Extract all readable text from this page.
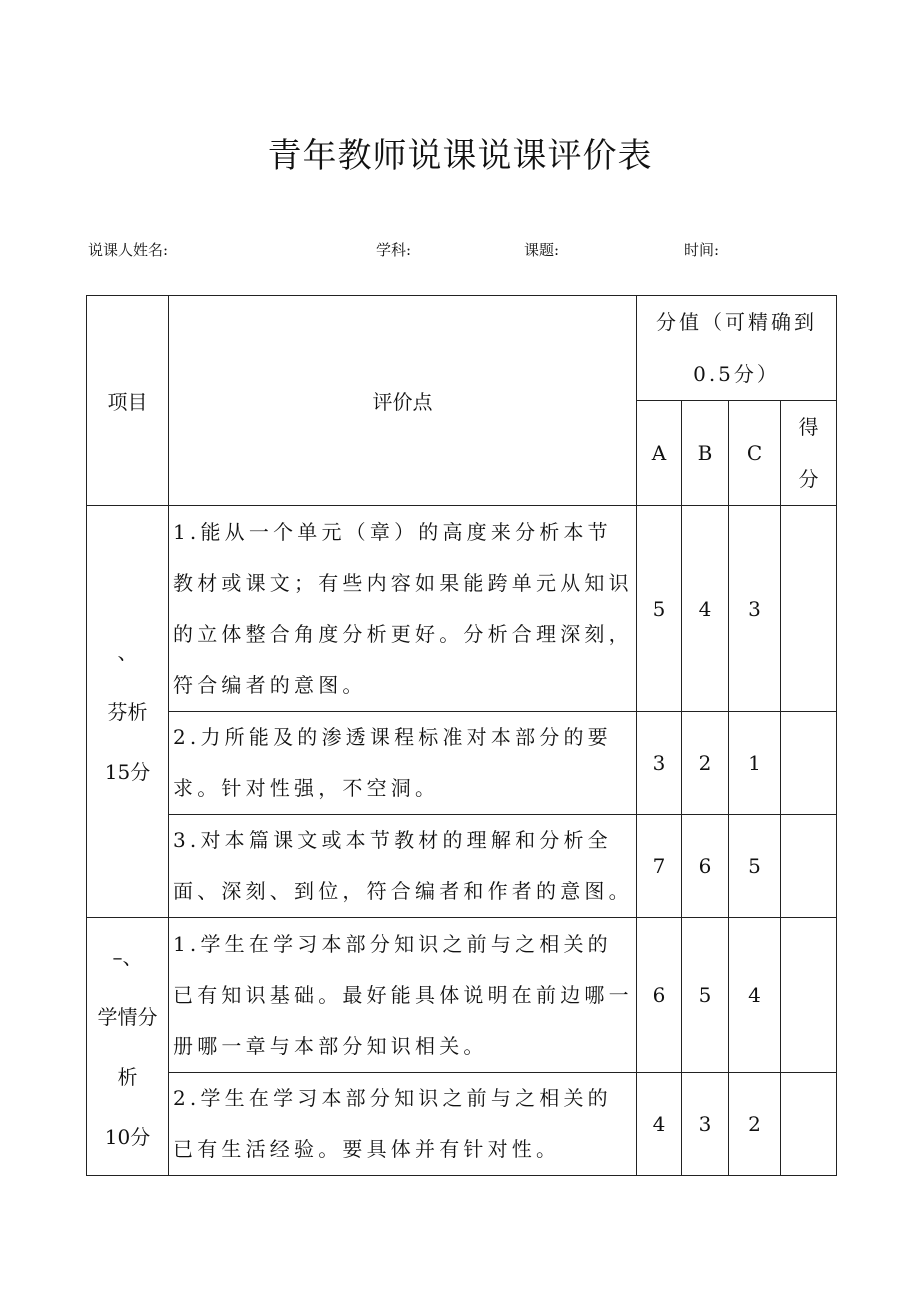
青年教师说课说课评价表
说课人姓名:	学科:	课题:	时间:
项目	评价点	分值（可精确到
0.5分）			

		A	B	C	得
分

、
芬析
15分	1.能从一个单元（章）的高度来分析本节教材或课文；有些内容如果能跨单元从知识的立体整合角度分析更好。分析合理深刻，符合编者的意图。	5	4	3	
	2.力所能及的渗透课程标准对本部分的要求。针对性强，不空洞。	3	2	1	
	3.对本篇课文或本节教材的理解和分析全面、深刻、到位，符合编者和作者的意图。	7	6	5	

–、
学情分
析
10分	1.学生在学习本部分知识之前与之相关的已有知识基础。最好能具体说明在前边哪一册哪一章与本部分知识相关。	6	5	4	
	2.学生在学习本部分知识之前与之相关的已有生活经验。要具体并有针对性。	4	3	2	
